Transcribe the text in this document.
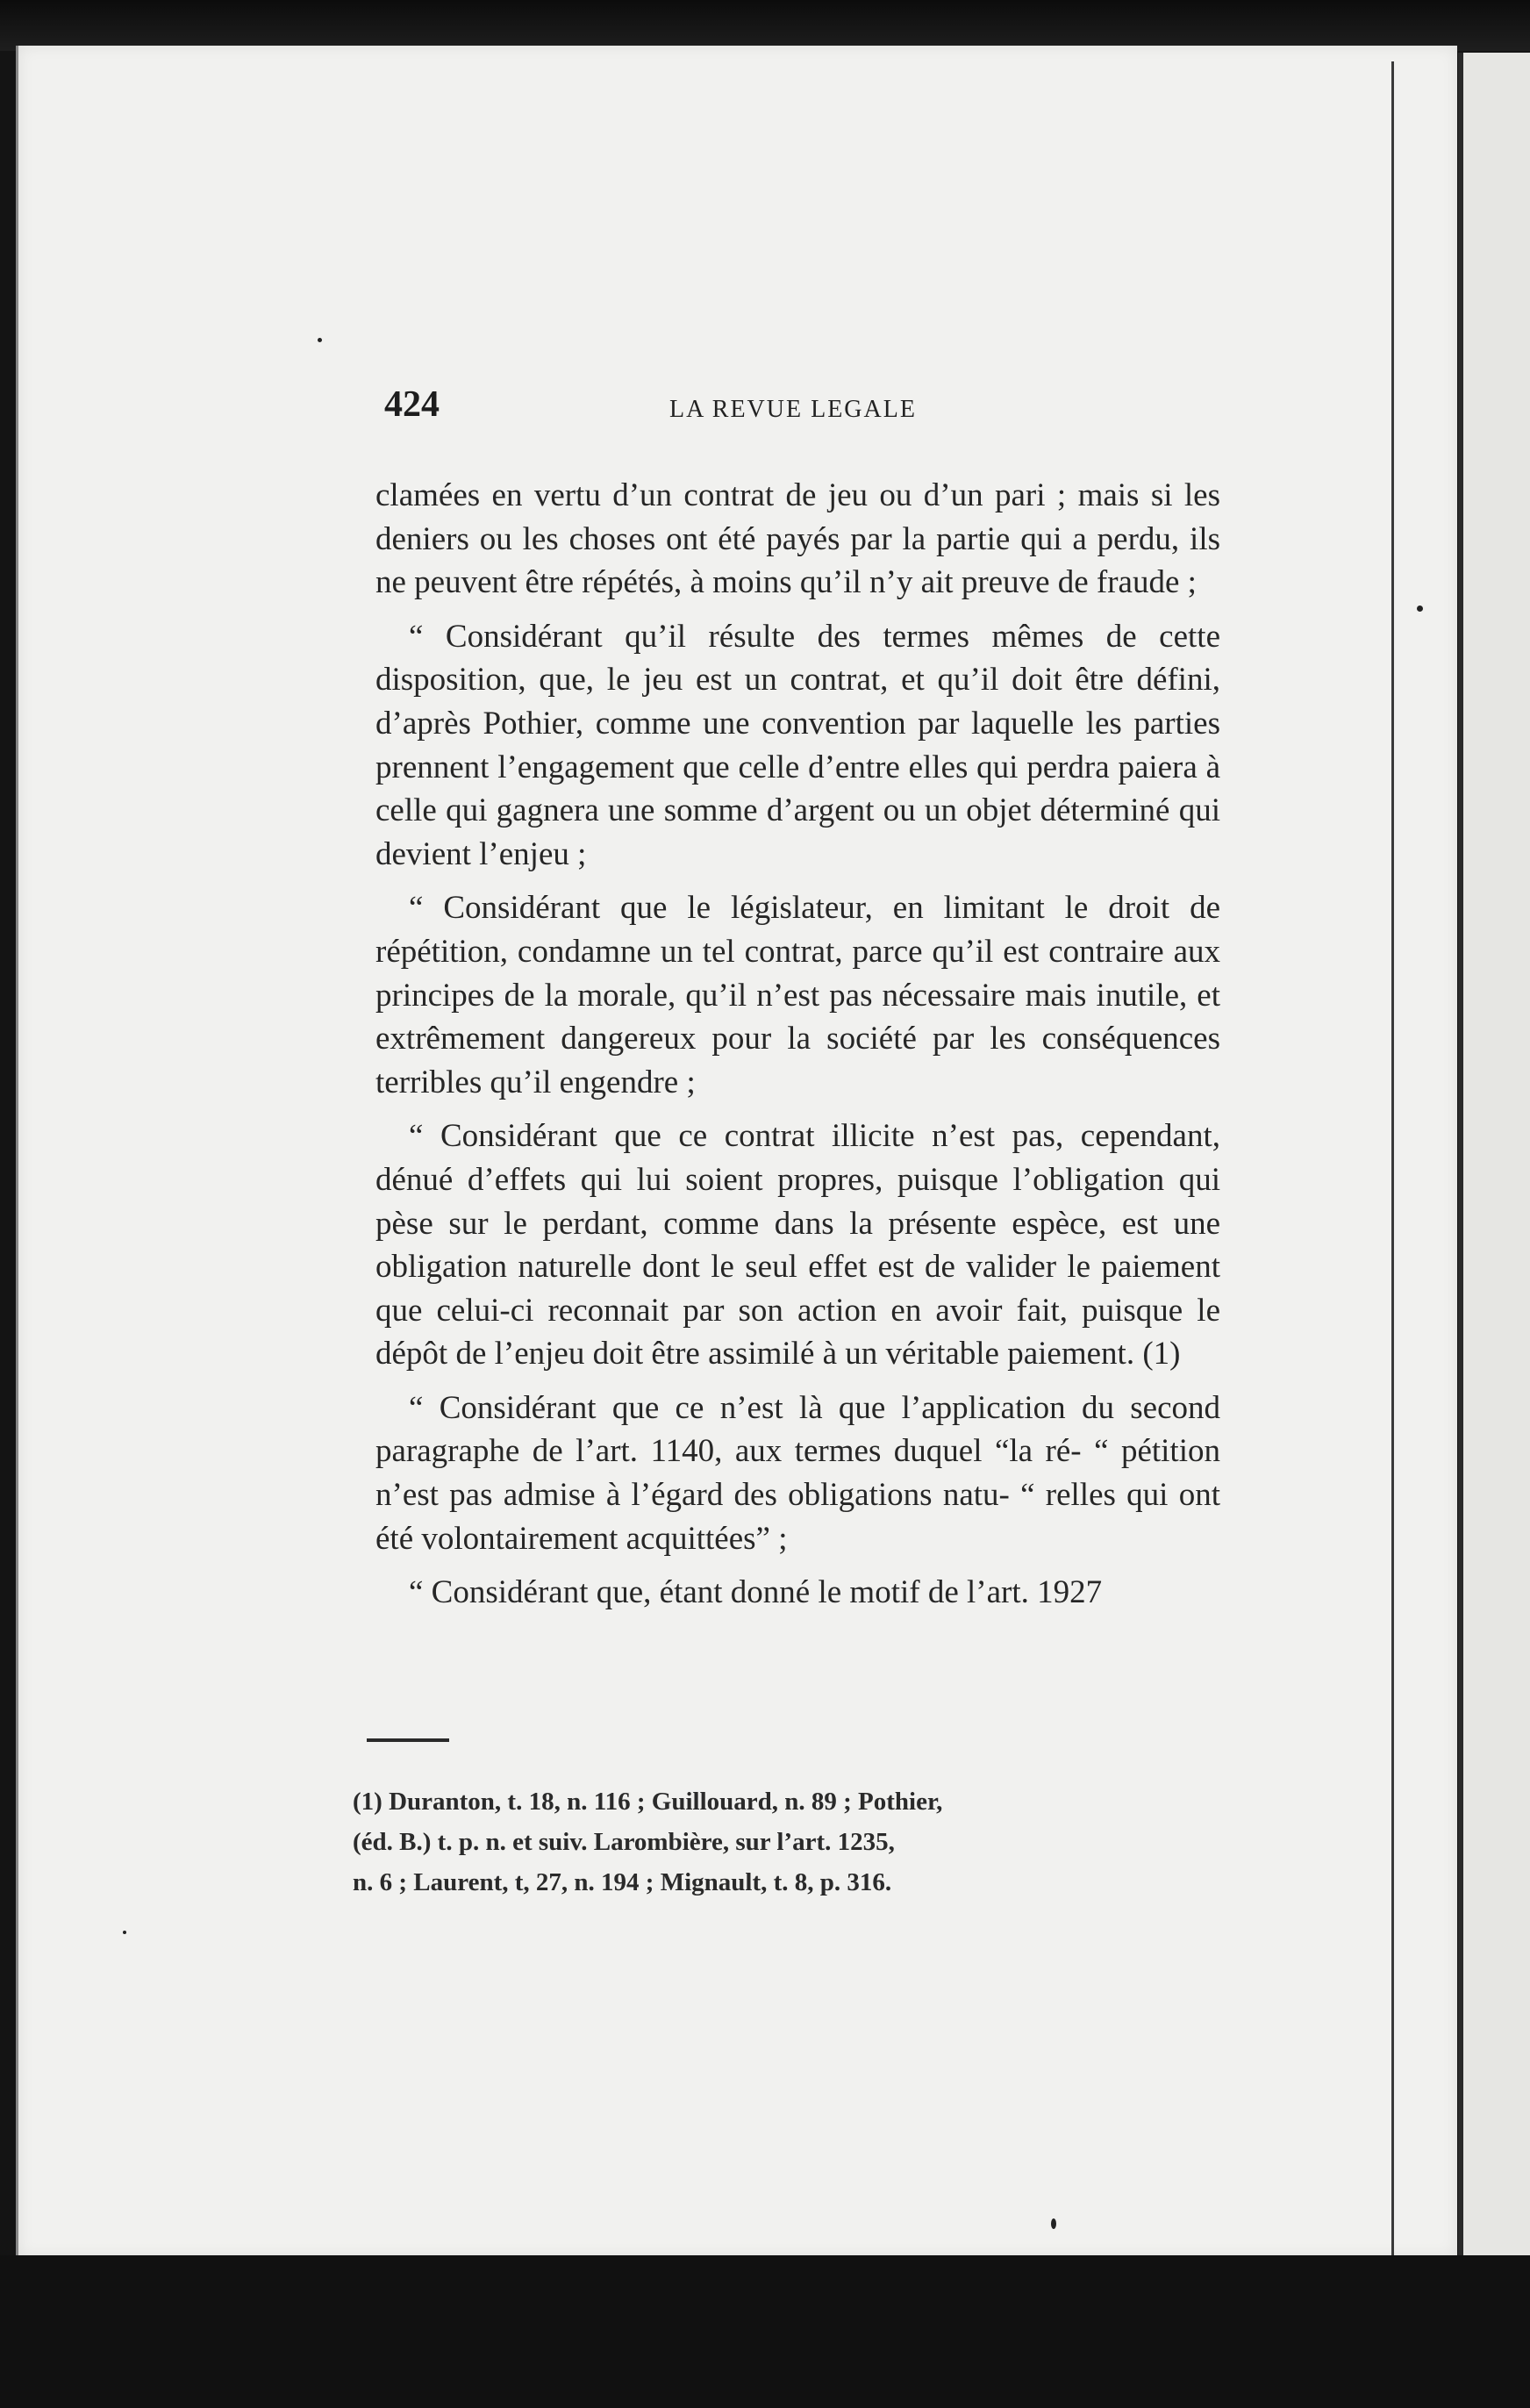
424	LA REVUE LEGALE

clamées en vertu d’un contrat de jeu ou d’un pari ; mais si les deniers ou les choses ont été payés par la partie qui a perdu, ils ne peuvent être répétés, à moins qu’il n’y ait preuve de fraude ;

“ Considérant qu’il résulte des termes mêmes de cette disposition, que, le jeu est un contrat, et qu’il doit être défini, d’après Pothier, comme une convention par laquelle les parties prennent l’engagement que celle d’entre elles qui perdra paiera à celle qui gagnera une somme d’argent ou un objet déterminé qui devient l’enjeu ;

“ Considérant que le législateur, en limitant le droit de répétition, condamne un tel contrat, parce qu’il est contraire aux principes de la morale, qu’il n’est pas nécessaire mais inutile, et extrêmement dangereux pour la société par les conséquences terribles qu’il engendre ;

“ Considérant que ce contrat illicite n’est pas, cependant, dénué d’effets qui lui soient propres, puisque l’obligation qui pèse sur le perdant, comme dans la présente espèce, est une obligation naturelle dont le seul effet est de valider le paiement que celui-ci reconnait par son action en avoir fait, puisque le dépôt de l’enjeu doit être assimilé à un véritable paiement. (1)

“ Considérant que ce n’est là que l’application du second paragraphe de l’art. 1140, aux termes duquel “la ré- “ pétition n’est pas admise à l’égard des obligations natu- “ relles qui ont été volontairement acquittées” ;

“ Considérant que, étant donné le motif de l’art. 1927

(1) Duranton, t. 18, n. 116 ; Guillouard, n. 89 ; Pothier,
(éd. B.) t. p. n. et suiv. Larombière, sur l’art. 1235,
n. 6 ; Laurent, t, 27, n. 194 ; Mignault, t. 8, p. 316.
